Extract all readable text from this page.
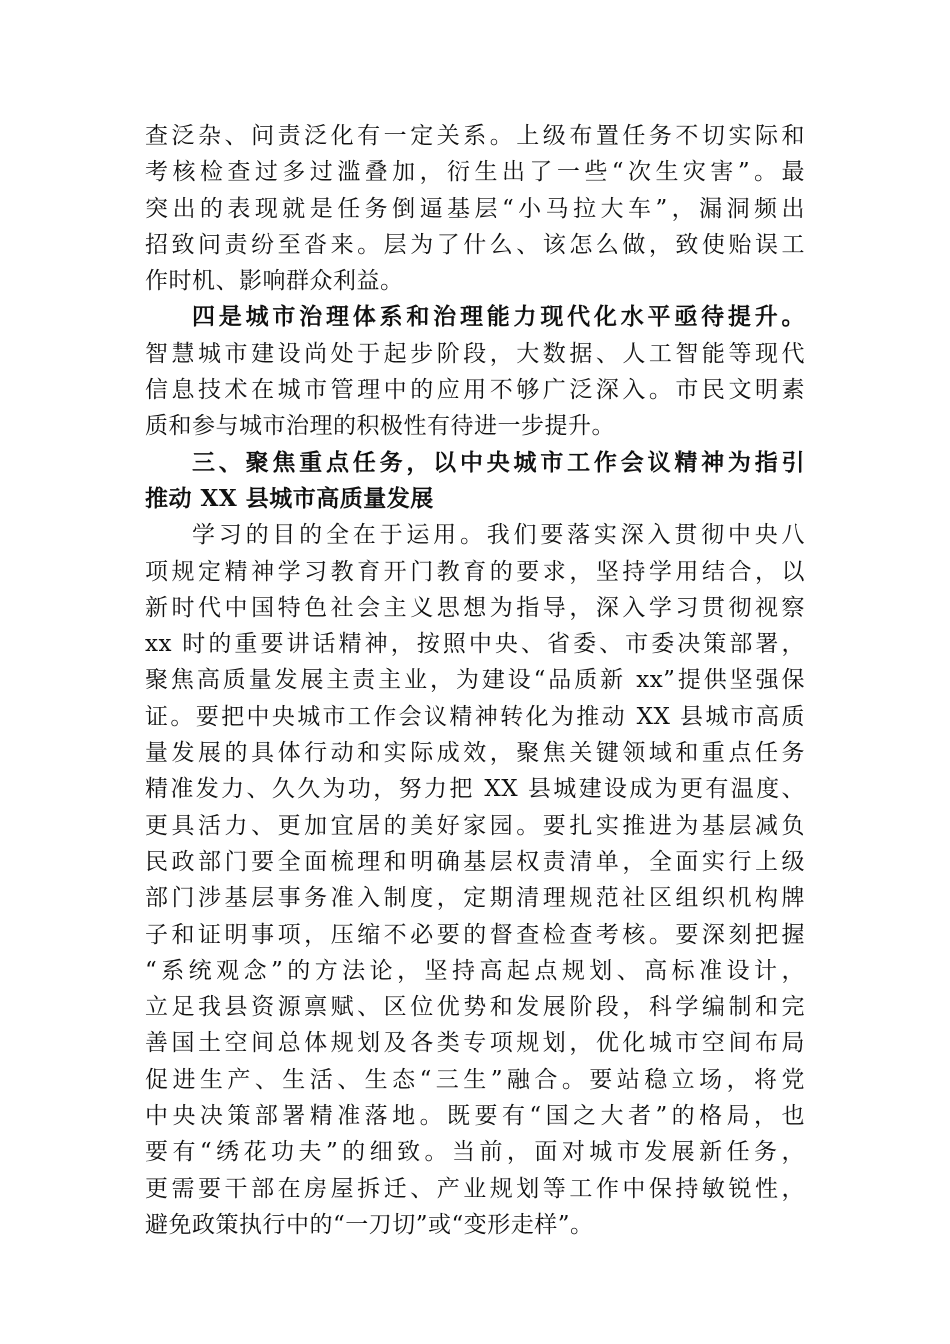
查泛杂、问责泛化有一定关系。上级布置任务不切实际和
考核检查过多过滥叠加，衍生出了一些“次生灾害”。最
突出的表现就是任务倒逼基层“小马拉大车”，漏洞频出
招致问责纷至沓来。层为了什么、该怎么做，致使贻误工
作时机、影响群众利益。
四是城市治理体系和治理能力现代化水平亟待提升。
智慧城市建设尚处于起步阶段，大数据、人工智能等现代
信息技术在城市管理中的应用不够广泛深入。市民文明素
质和参与城市治理的积极性有待进一步提升。
三、聚焦重点任务，以中央城市工作会议精神为指引
推动 XX 县城市高质量发展
学习的目的全在于运用。我们要落实深入贯彻中央八
项规定精神学习教育开门教育的要求，坚持学用结合，以
新时代中国特色社会主义思想为指导，深入学习贯彻视察
xx 时的重要讲话精神，按照中央、省委、市委决策部署，
聚焦高质量发展主责主业，为建设“品质新 xx”提供坚强保
证。要把中央城市工作会议精神转化为推动 XX 县城市高质
量发展的具体行动和实际成效，聚焦关键领域和重点任务
精准发力、久久为功，努力把 XX 县城建设成为更有温度、
更具活力、更加宜居的美好家园。要扎实推进为基层减负
民政部门要全面梳理和明确基层权责清单，全面实行上级
部门涉基层事务准入制度，定期清理规范社区组织机构牌
子和证明事项，压缩不必要的督查检查考核。要深刻把握
“系统观念”的方法论，坚持高起点规划、高标准设计，
立足我县资源禀赋、区位优势和发展阶段，科学编制和完
善国土空间总体规划及各类专项规划，优化城市空间布局
促进生产、生活、生态“三生”融合。要站稳立场，将党
中央决策部署精准落地。既要有“国之大者”的格局，也
要有“绣花功夫”的细致。当前，面对城市发展新任务，
更需要干部在房屋拆迁、产业规划等工作中保持敏锐性，
避免政策执行中的“一刀切”或“变形走样”。
